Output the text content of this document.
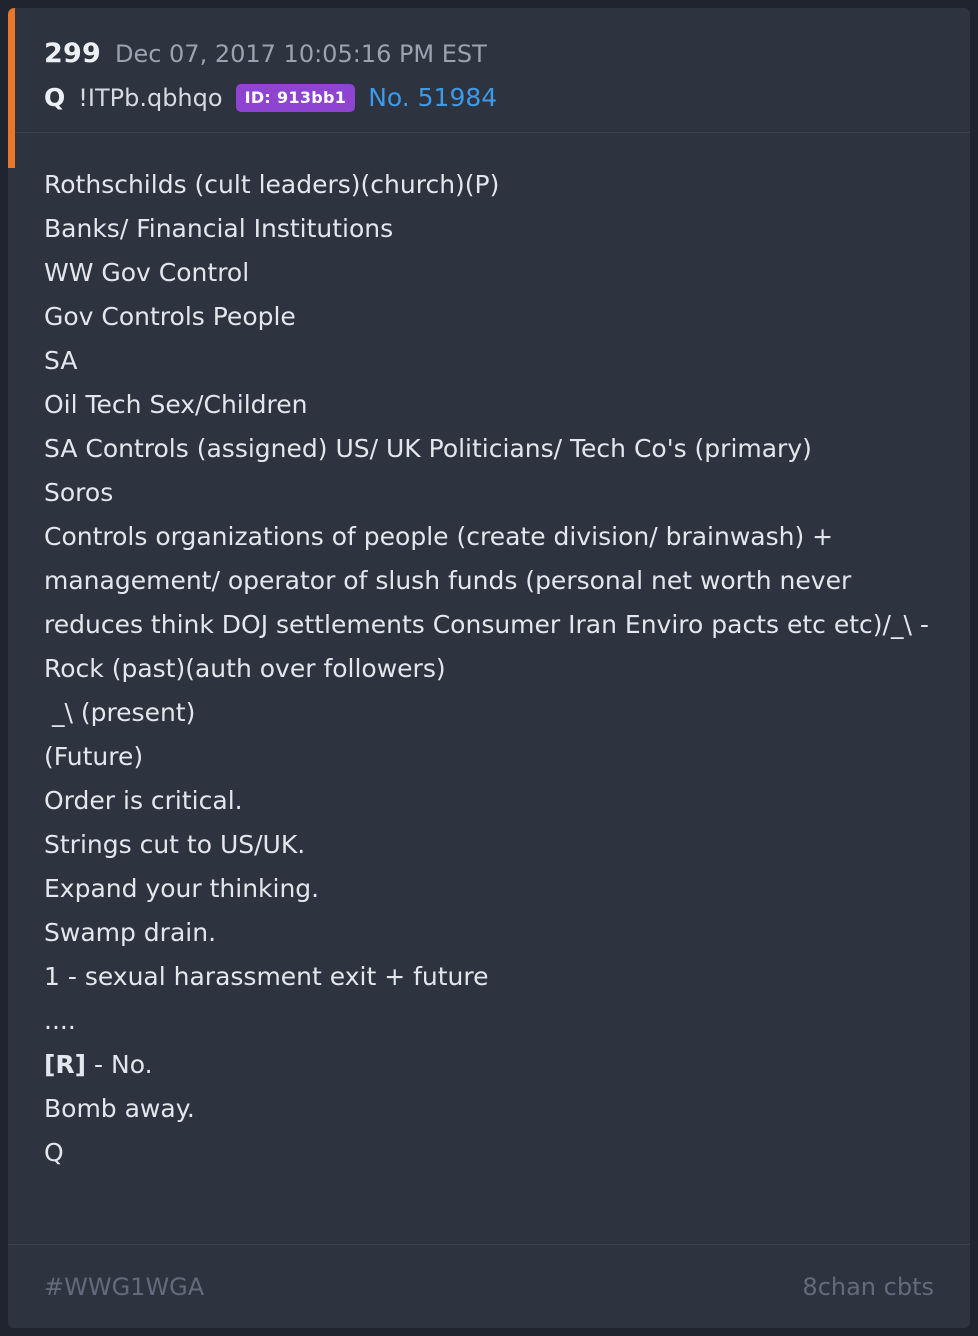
299 Dec 07, 2017 10:05:16 PM EST
Q !ITPb.qbhqo	ID: 913bb1 No. 51984
Rothschilds (cult leaders)(church)(P)
Banks/ Financial Institutions
WW Gov Control
Gov Controls People
SA
Oil Tech Sex/Children
SA Controls (assigned) US/ UK Politicians/ Tech Co's (primary)
Soros
Controls organizations of people (create division/ brainwash) + management/ operator of slush funds (personal net worth never reduces think DOJ settlements Consumer Iran Enviro pacts etc etc)/_\ - Rock (past)(auth over followers)
_\ (present)
(Future)
Order is critical.
Strings cut to US/UK.
Expand your thinking.
Swamp drain.
1 - sexual harassment exit + future
....
[R] - No.
Bomb away.
Q
#WWG1WGA	8chan cbts
